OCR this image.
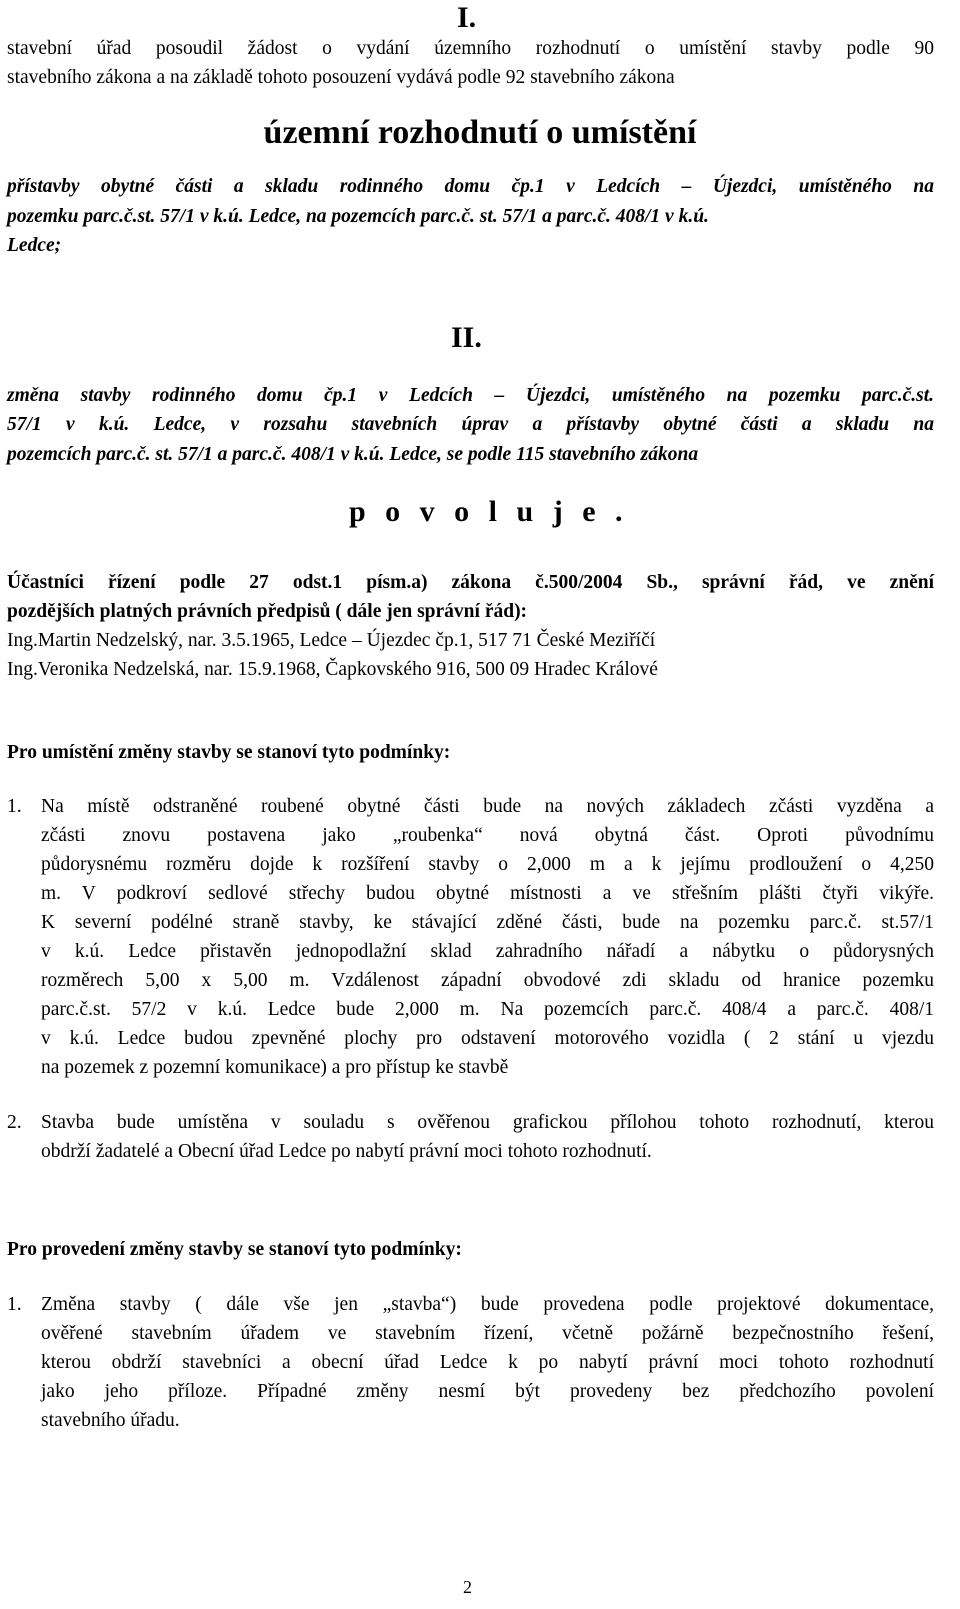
I.
stavební úřad posoudil žádost o vydání územního rozhodnutí o umístění stavby podle 90
stavebního zákona a na základě tohoto posouzení vydává podle 92 stavebního zákona
územní rozhodnutí o umístění
přístavby obytné části a skladu rodinného domu čp.1 v Ledcích – Újezdci, umístěného na
pozemku parc.č.st. 57/1 v k.ú. Ledce, na pozemcích parc.č. st. 57/1 a parc.č. 408/1 v k.ú.
Ledce;
II.
změna stavby rodinného domu čp.1 v Ledcích – Újezdci, umístěného na pozemku parc.č.st.
57/1 v k.ú. Ledce, v rozsahu stavebních úprav a přístavby obytné části a skladu na
pozemcích parc.č. st. 57/1 a parc.č. 408/1 v k.ú. Ledce, se podle 115 stavebního zákona
p o v o l u j e .
Účastníci řízení podle 27 odst.1 písm.a) zákona č.500/2004 Sb., správní řád, ve znění
pozdějších platných právních předpisů ( dále jen správní řád):
Ing.Martin Nedzelský, nar. 3.5.1965, Ledce – Újezdec čp.1, 517 71 České Meziříčí
Ing.Veronika Nedzelská, nar. 15.9.1968, Čapkovského 916, 500 09 Hradec Králové
Pro umístění změny stavby se stanoví tyto podmínky:
1. Na místě odstraněné roubené obytné části bude na nových základech zčásti vyzděna a
zčásti znovu postavena jako „roubenka“ nová obytná část. Oproti původnímu
půdorysnému rozměru dojde k rozšíření stavby o 2,000 m a k jejímu prodloužení o 4,250
m. V podkroví sedlové střechy budou obytné místnosti a ve střešním plášti čtyři vikýře.
K severní podélné straně stavby, ke stávající zděné části, bude na pozemku parc.č. st.57/1
v k.ú. Ledce přistavěn jednopodlažní sklad zahradního nářadí a nábytku o půdorysných
rozměrech 5,00 x 5,00 m. Vzdálenost západní obvodové zdi skladu od hranice pozemku
parc.č.st. 57/2 v k.ú. Ledce bude 2,000 m. Na pozemcích parc.č. 408/4 a parc.č. 408/1
v k.ú. Ledce budou zpevněné plochy pro odstavení motorového vozidla ( 2 stání u vjezdu
na pozemek z pozemní komunikace) a pro přístup ke stavbě
2. Stavba bude umístěna v souladu s ověřenou grafickou přílohou tohoto rozhodnutí, kterou
obdrží žadatelé a Obecní úřad Ledce po nabytí právní moci tohoto rozhodnutí.
Pro provedení změny stavby se stanoví tyto podmínky:
1. Změna stavby ( dále vše jen „stavba“) bude provedena podle projektové dokumentace,
ověřené stavebním úřadem ve stavebním řízení, včetně požárně bezpečnostního řešení,
kterou obdrží stavebníci a obecní úřad Ledce k po nabytí právní moci tohoto rozhodnutí
jako jeho příloze. Případné změny nesmí být provedeny bez předchozího povolení
stavebního úřadu.
2
